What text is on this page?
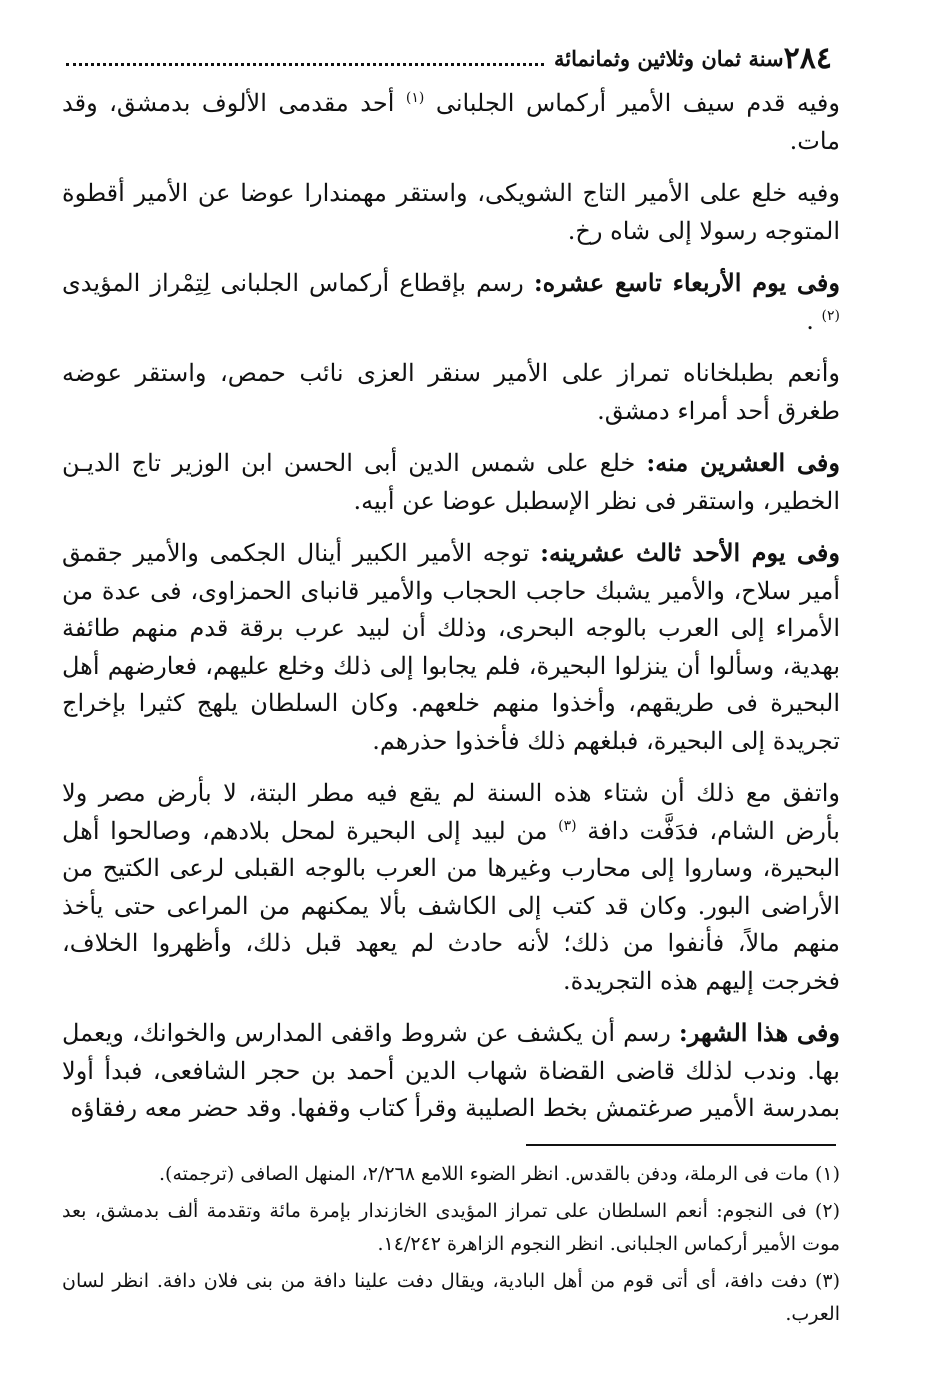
٢٨٤
سنة ثمان وثلاثين وثمانمائة

وفيه قدم سيف الأمير أركماس الجلبانى $^{(١)}$ أحد مقدمى الألوف بدمشق، وقد مات.

وفيه خلع على الأمير التاج الشويكى، واستقر مهمندارا عوضا عن الأمير أقطوة المتوجه رسولا إلى شاه رخ.

وفى يوم الأربعاء تاسع عشره: رسم بإقطاع أركماس الجلبانى لِتِمْراز المؤيدى $^{(٢)}$ .

وأنعم بطبلخاناه تمراز على الأمير سنقر العزى نائب حمص، واستقر عوضه طغرق أحد أمراء دمشق.

وفى العشرين منه: خلع على شمس الدين أبى الحسن ابن الوزير تاج الديـن الخطير، واستقر فى نظر الإسطبل عوضا عن أبيه.

وفى يوم الأحد ثالث عشرينه: توجه الأمير الكبير أينال الجكمى والأمير جقمق أمير سلاح، والأمير يشبك حاجب الحجاب والأمير قانباى الحمزاوى، فى عدة من الأمراء إلى العرب بالوجه البحرى، وذلك أن لبيد عرب برقة قدم منهم طائفة بهدية، وسألوا أن ينزلوا البحيرة، فلم يجابوا إلى ذلك وخلع عليهم، فعارضهم أهل البحيرة فى طريقهم، وأخذوا منهم خلعهم. وكان السلطان يلهج كثيرا بإخراج تجريدة إلى البحيرة، فبلغهم ذلك فأخذوا حذرهم.

واتفق مع ذلك أن شتاء هذه السنة لم يقع فيه مطر البتة، لا بأرض مصر ولا بأرض الشام، فدَفَّت دافة $^{(٣)}$ من لبيد إلى البحيرة لمحل بلادهم، وصالحوا أهل البحيرة، وساروا إلى محارب وغيرها من العرب بالوجه القبلى لرعى الكتيح من الأراضى البور. وكان قد كتب إلى الكاشف بألا يمكنهم من المراعى حتى يأخذ منهم مالاً، فأنفوا من ذلك؛ لأنه حادث لم يعهد قبل ذلك، وأظهروا الخلاف، فخرجت إليهم هذه التجريدة.

وفى هذا الشهر: رسم أن يكشف عن شروط واقفى المدارس والخوانك، ويعمل بها. وندب لذلك قاضى القضاة شهاب الدين أحمد بن حجر الشافعى، فبدأ أولا بمدرسة الأمير صرغتمش بخط الصليبة وقرأ كتاب وقفها. وقد حضر معه رفقاؤه

(١) مات فى الرملة، ودفن بالقدس. انظر الضوء اللامع ٢/٢٦٨، المنهل الصافى (ترجمته).
(٢) فى النجوم: أنعم السلطان على تمراز المؤيدى الخازندار بإمرة مائة وتقدمة ألف بدمشق، بعد موت الأمير أركماس الجلبانى. انظر النجوم الزاهرة ١٤/٢٤٢.
(٣) دفت دافة، أى أتى قوم من أهل البادية، ويقال دفت علينا دافة من بنى فلان دافة. انظر لسان العرب.
